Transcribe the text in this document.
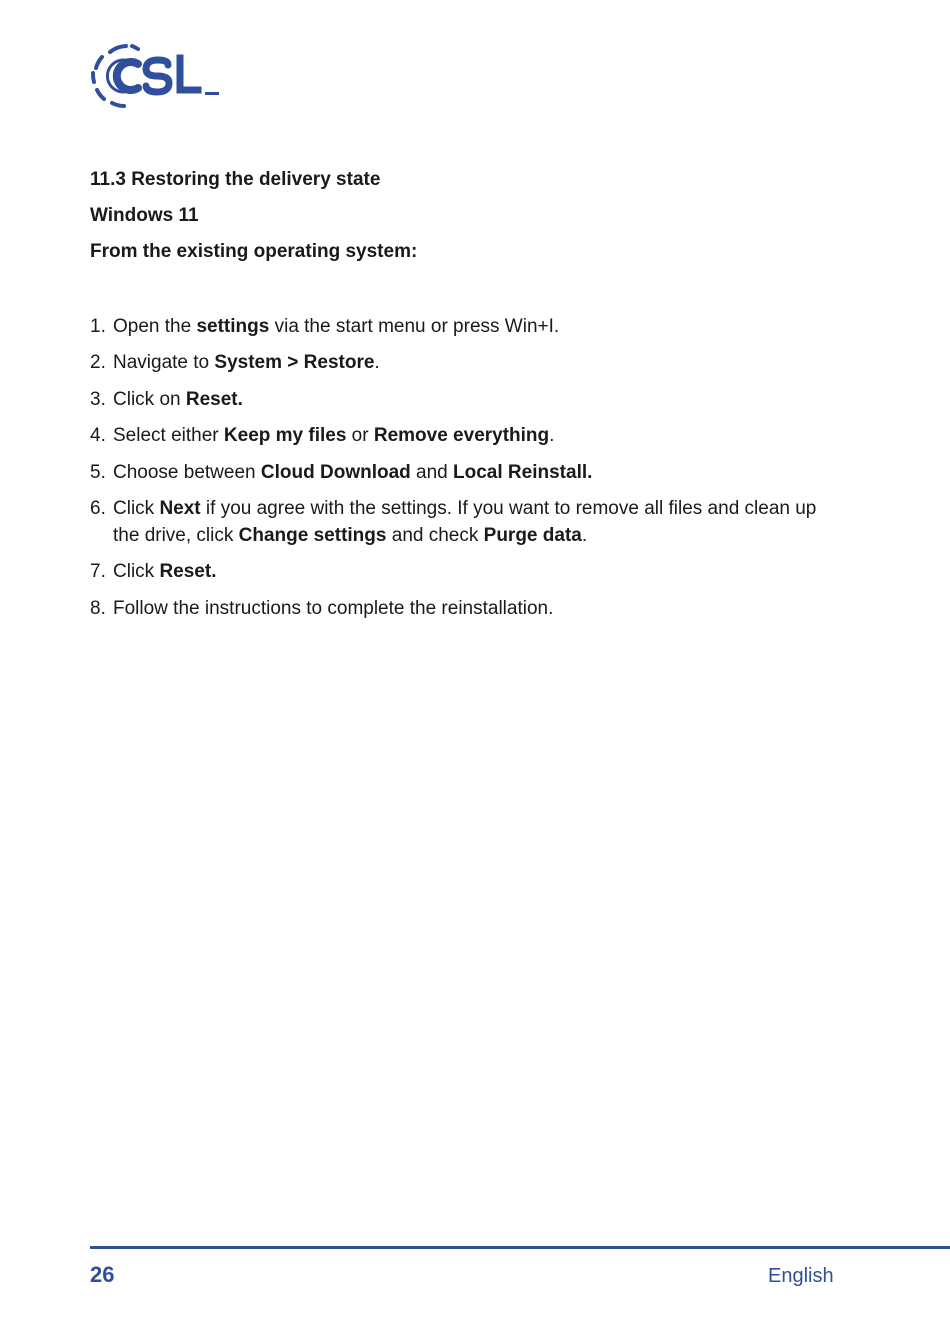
11.3 Restoring the delivery state
Windows 11
From the existing operating system:
1. Open the settings via the start menu or press Win+I.
2. Navigate to System > Restore.
3. Click on Reset.
4. Select either Keep my files or Remove everything.
5. Choose between Cloud Download and Local Reinstall.
6. Click Next if you agree with the settings. If you want to remove all files and clean up the drive, click Change settings and check Purge data.
7. Click Reset.
8. Follow the instructions to complete the reinstallation.
26	English
